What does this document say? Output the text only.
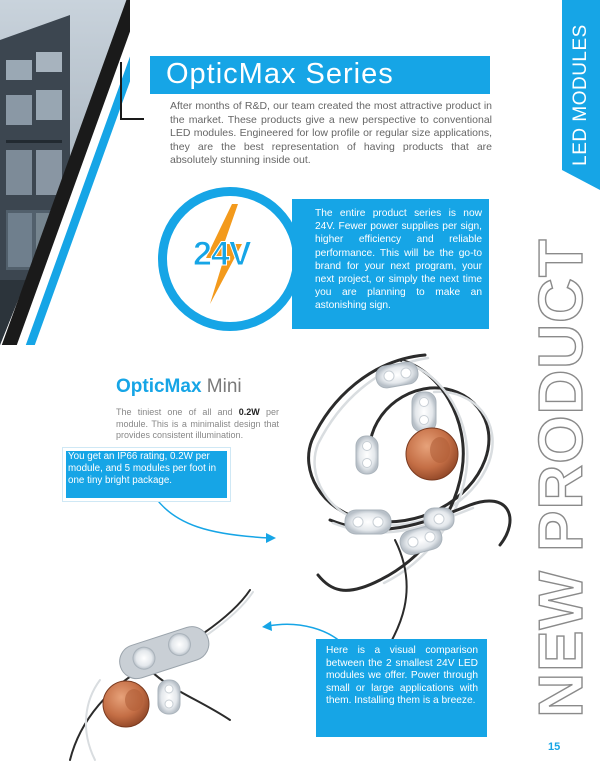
LED MODULES
NEW PRODUCT
OpticMax Series

After months of R&D, our team created the most attractive product in the market. These products give a new perspective to conventional LED modules. Engineered for low profile or regular size applications, they are the best representation of having products that are absolutely stunning inside out.

24V

The entire product series is now 24V. Fewer power supplies per sign, higher efficiency and reliable performance. This will be the go-to brand for your next program, your next project, or simply the next time you are planning to make an astonishing sign.

OpticMax Mini

The tiniest one of all and 0.2W per module. This is a minimalist design that provides consistent illumination.

You get an IP66 rating, 0.2W per module, and 5 modules per foot in one tiny bright package.

Here is a visual comparison between the 2 smallest 24V LED modules we offer. Power through small or large applications with them. Installing them is a breeze.

15
